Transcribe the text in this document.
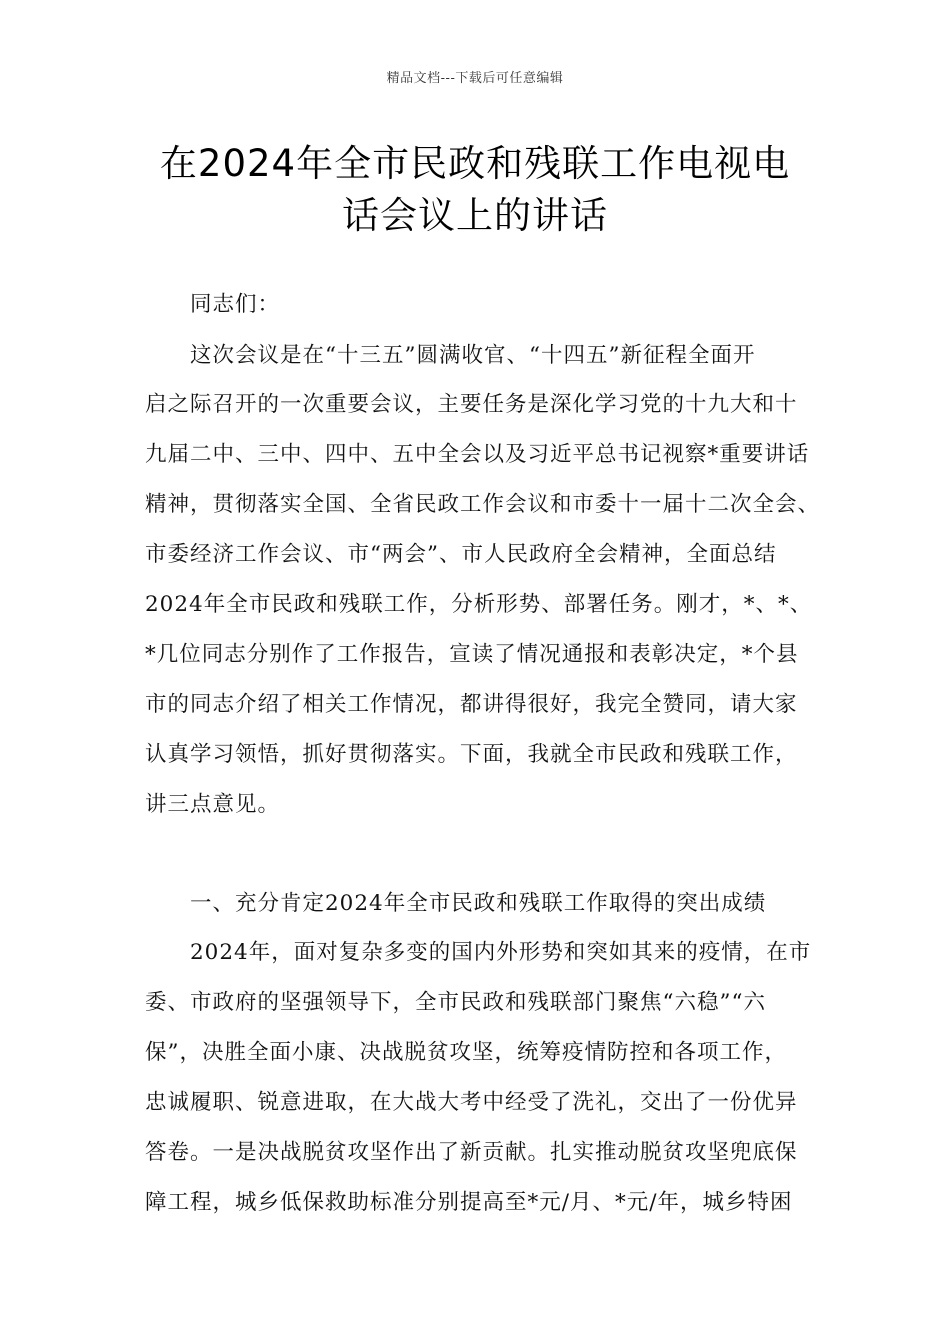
精品文档---下载后可任意编辑
在2024年全市民政和残联工作电视电
话会议上的讲话
同志们：
这次会议是在“十三五”圆满收官、“十四五”新征程全面开
启之际召开的一次重要会议，主要任务是深化学习党的十九大和十
九届二中、三中、四中、五中全会以及习近平总书记视察*重要讲话
精神，贯彻落实全国、全省民政工作会议和市委十一届十二次全会、
市委经济工作会议、市“两会”、市人民政府全会精神，全面总结
2024年全市民政和残联工作，分析形势、部署任务。刚才，*、*、
*几位同志分别作了工作报告，宣读了情况通报和表彰决定，*个县
市的同志介绍了相关工作情况，都讲得很好，我完全赞同，请大家
认真学习领悟，抓好贯彻落实。下面，我就全市民政和残联工作，
讲三点意见。
一、充分肯定2024年全市民政和残联工作取得的突出成绩
2024年，面对复杂多变的国内外形势和突如其来的疫情，在市
委、市政府的坚强领导下，全市民政和残联部门聚焦“六稳”“六
保”，决胜全面小康、决战脱贫攻坚，统筹疫情防控和各项工作，
忠诚履职、锐意进取，在大战大考中经受了洗礼，交出了一份优异
答卷。一是决战脱贫攻坚作出了新贡献。扎实推动脱贫攻坚兜底保
障工程，城乡低保救助标准分别提高至*元/月、*元/年，城乡特困
